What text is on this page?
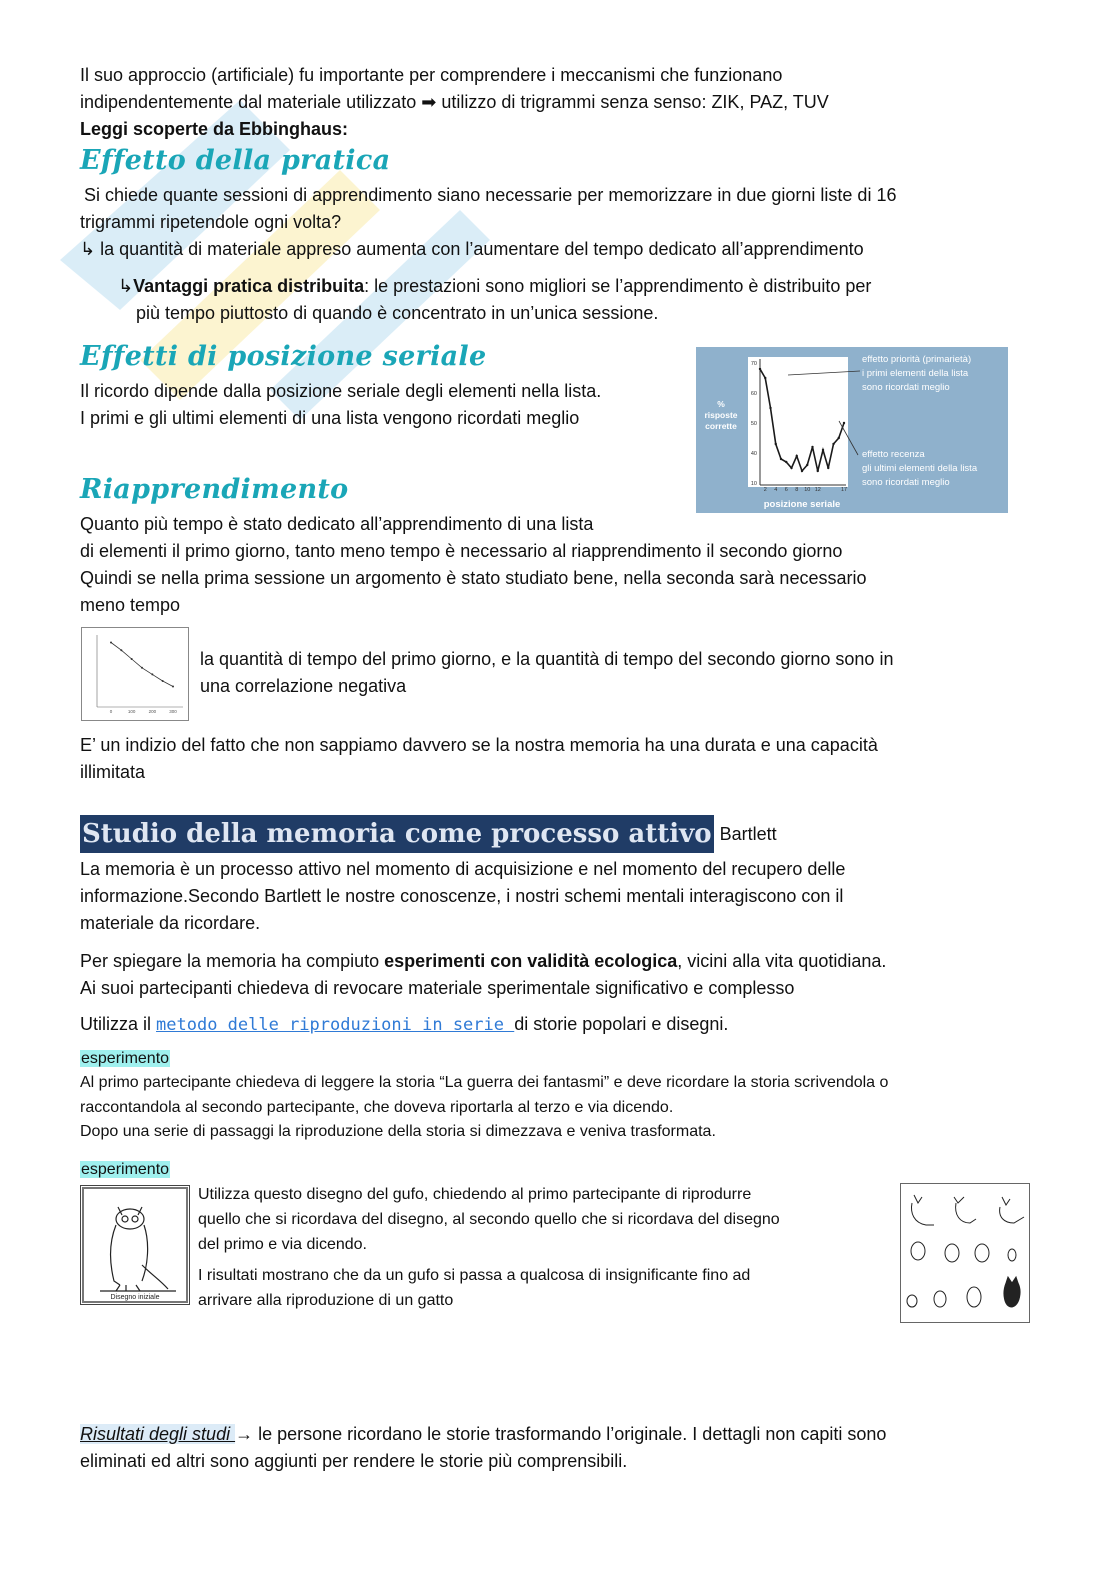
Il suo approccio (artificiale) fu importante per comprendere i meccanismi che funzionano
indipendentemente dal materiale utilizzato ➡ utilizzo di trigrammi senza senso: ZIK, PAZ, TUV
Leggi scoperte da Ebbinghaus:
Effetto della pratica
Si chiede quante sessioni di apprendimento siano necessarie per memorizzare in due giorni liste di 16
trigrammi ripetendole ogni volta?
↳ la quantità di materiale appreso aumenta con l’aumentare del tempo dedicato all’apprendimento
↳Vantaggi pratica distribuita: le prestazioni sono migliori se l’apprendimento è distribuito per
più tempo piuttosto di quando è concentrato in un’unica sessione.
Effetti di posizione seriale
Il ricordo dipende dalla posizione seriale degli elementi nella lista.
I primi e gli ultimi elementi di una lista vengono ricordati meglio
%
risposte
corrette
10
40
50
60
70
2 4 6 8 10 12	17
effetto priorità (primarietà)
i primi elementi della lista
sono ricordati meglio
effetto recenza
gli ultimi elementi della lista
sono ricordati meglio
posizione seriale
Riapprendimento
Quanto più tempo è stato dedicato all’apprendimento di una lista
di elementi il primo giorno, tanto meno tempo è necessario al riapprendimento il secondo giorno
Quindi se nella prima sessione un argomento è stato studiato bene, nella seconda sarà necessario
meno tempo
0	100	200	300
la quantità di tempo del primo giorno, e la quantità di tempo del secondo giorno sono in
una correlazione negativa
E’ un indizio del fatto che non sappiamo davvero se la nostra memoria ha una durata e una capacità
illimitata
Studio della memoria come processo attivo Bartlett
La memoria è un processo attivo nel momento di acquisizione e nel momento del recupero delle
informazione.Secondo Bartlett le nostre conoscenze, i nostri schemi mentali interagiscono con il
materiale da ricordare.
Per spiegare la memoria ha compiuto esperimenti con validità ecologica, vicini alla vita quotidiana.
Ai suoi partecipanti chiedeva di revocare materiale sperimentale significativo e complesso
Utilizza il metodo delle riproduzioni in serie di storie popolari e disegni.
esperimento
Al primo partecipante chiedeva di leggere la storia “La guerra dei fantasmi” e deve ricordare la storia scrivendola o
raccontandola al secondo partecipante, che doveva riportarla al terzo e via dicendo.
Dopo una serie di passaggi la riproduzione della storia si dimezzava e veniva trasformata.
esperimento
Disegno iniziale
Utilizza questo disegno del gufo, chiedendo al primo partecipante di riprodurre
quello che si ricordava del disegno, al secondo quello che si ricordava del disegno
del primo e via dicendo.
I risultati mostrano che da un gufo si passa a qualcosa di insignificante fino ad
arrivare alla riproduzione di un gatto
Risultati degli studi → le persone ricordano le storie trasformando l’originale. I dettagli non capiti sono
eliminati ed altri sono aggiunti per rendere le storie più comprensibili.
